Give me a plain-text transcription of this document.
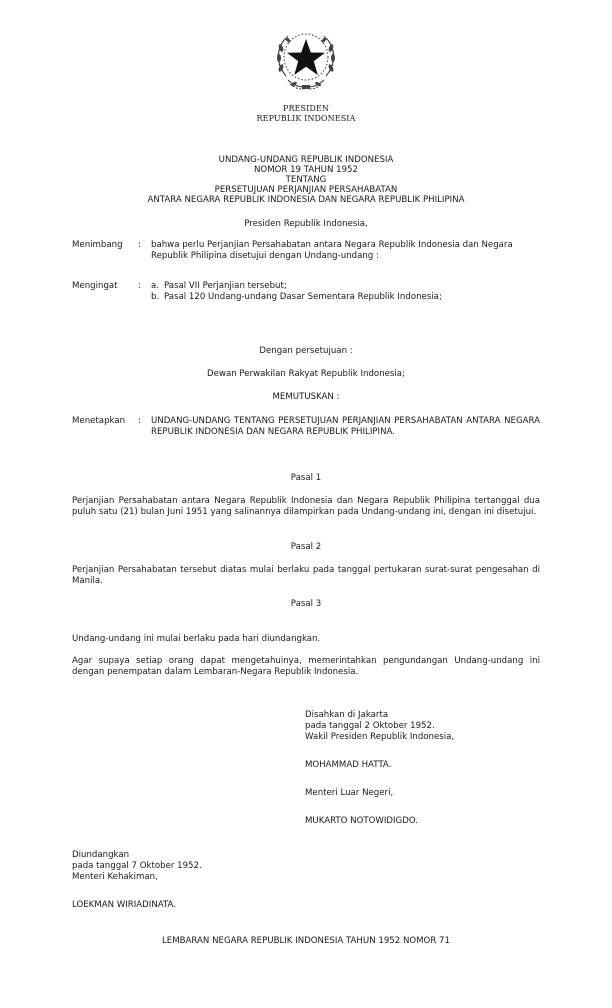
PRESIDEN
REPUBLIK INDONESIA
UNDANG-UNDANG REPUBLIK INDONESIA
NOMOR 19 TAHUN 1952
TENTANG
PERSETUJUAN PERJANJIAN PERSAHABATAN
ANTARA NEGARA REPUBLIK INDONESIA DAN NEGARA REPUBLIK PHILIPINA
Presiden Republik Indonesia,
Menimbang	:	bahwa perlu Perjanjian Persahabatan antara Negara Republik Indonesia dan Negara Republik Philipina disetujui dengan Undang-undang :
Mengingat	:	a. Pasal VII Perjanjian tersebut;
b. Pasal 120 Undang-undang Dasar Sementara Republik Indonesia;
Dengan persetujuan :
Dewan Perwakilan Rakyat Republik Indonesia;
MEMUTUSKAN :
Menetapkan	:	UNDANG-UNDANG TENTANG PERSETUJUAN PERJANJIAN PERSAHABATAN ANTARA NEGARA REPUBLIK INDONESIA DAN NEGARA REPUBLIK PHILIPINA.
Pasal 1
Perjanjian Persahabatan antara Negara Republik Indonesia dan Negara Republik Philipina tertanggal dua puluh satu (21) bulan Juni 1951 yang salinannya dilampirkan pada Undang-undang ini, dengan ini disetujui.
Pasal 2
Perjanjian Persahabatan tersebut diatas mulai berlaku pada tanggal pertukaran surat-surat pengesahan di Manila.
Pasal 3
Undang-undang ini mulai berlaku pada hari diundangkan.
Agar supaya setiap orang dapat mengetahuinya, memerintahkan pengundangan Undang-undang ini dengan penempatan dalam Lembaran-Negara Republik Indonesia.
Disahkan di Jakarta
pada tanggal 2 Oktober 1952.
Wakil Presiden Republik Indonesia,
MOHAMMAD HATTA.
Menteri Luar Negeri,
MUKARTO NOTOWIDIGDO.
Diundangkan
pada tanggal 7 Oktober 1952.
Menteri Kehakiman,
LOEKMAN WIRIADINATA.
LEMBARAN NEGARA REPUBLIK INDONESIA TAHUN 1952 NOMOR 71
